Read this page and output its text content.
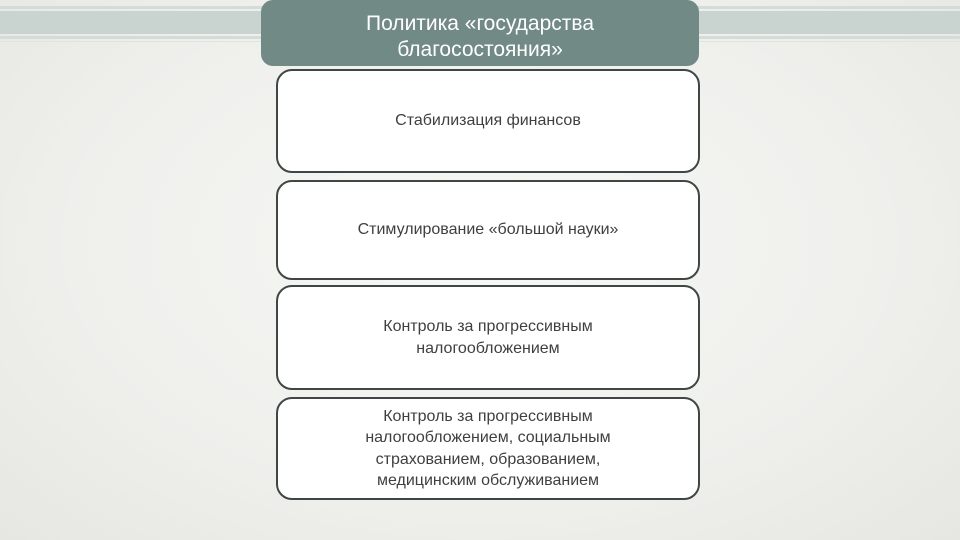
Политика «государства
благосостояния»
Стабилизация финансов
Стимулирование «большой науки»
Контроль за прогрессивным
налогообложением
Контроль за прогрессивным
налогообложением, социальным
страхованием, образованием,
медицинским обслуживанием
